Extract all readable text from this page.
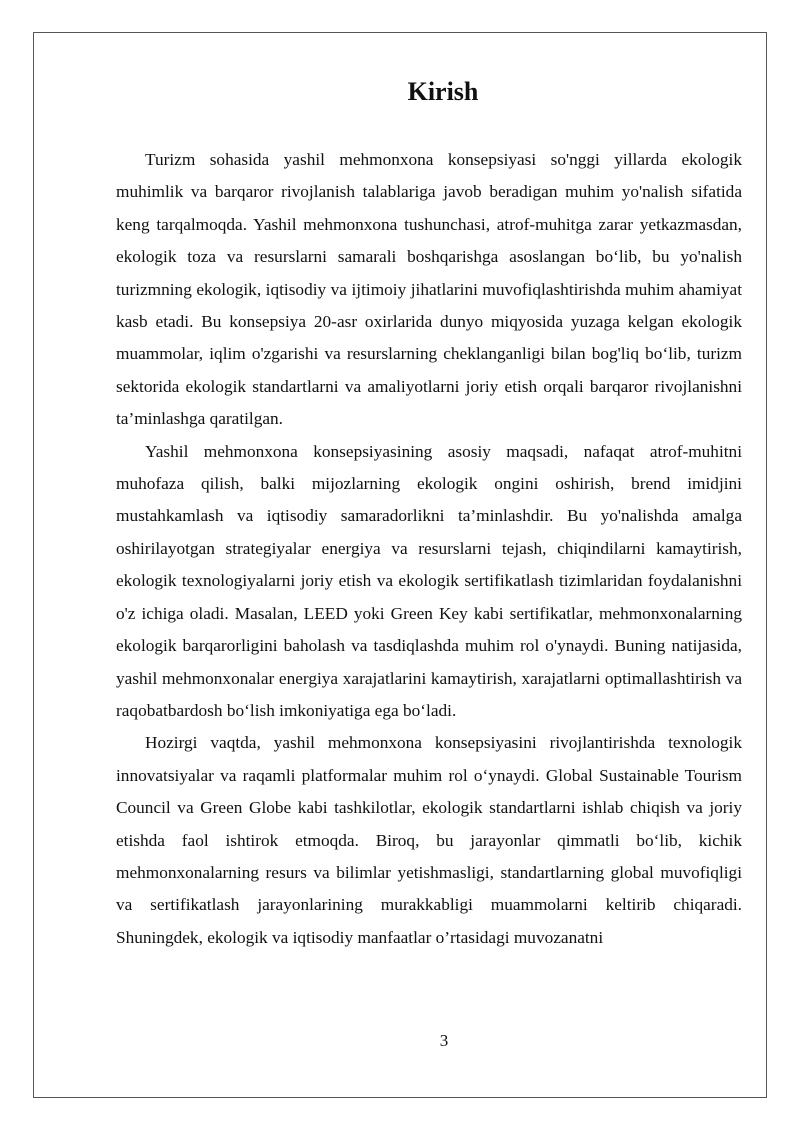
Kirish

Turizm sohasida yashil mehmonxona konsepsiyasi so'nggi yillarda ekologik muhimlik va barqaror rivojlanish talablariga javob beradigan muhim yo'nalish sifatida keng tarqalmoqda. Yashil mehmonxona tushunchasi, atrof-muhitga zarar yetkazmasdan, ekologik toza va resurslarni samarali boshqarishga asoslangan bo‘lib, bu yo'nalish turizmning ekologik, iqtisodiy va ijtimoiy jihatlarini muvofiqlashtirishda muhim ahamiyat kasb etadi. Bu konsepsiya 20-asr oxirlarida dunyo miqyosida yuzaga kelgan ekologik muammolar, iqlim o'zgarishi va resurslarning cheklanganligi bilan bog'liq bo‘lib, turizm sektorida ekologik standartlarni va amaliyotlarni joriy etish orqali barqaror rivojlanishni ta’minlashga qaratilgan.

Yashil mehmonxona konsepsiyasining asosiy maqsadi, nafaqat atrof-muhitni muhofaza qilish, balki mijozlarning ekologik ongini oshirish, brend imidjini mustahkamlash va iqtisodiy samaradorlikni ta’minlashdir. Bu yo'nalishda amalga oshirilayotgan strategiyalar energiya va resurslarni tejash, chiqindilarni kamaytirish, ekologik texnologiyalarni joriy etish va ekologik sertifikatlash tizimlaridan foydalanishni o'z ichiga oladi. Masalan, LEED yoki Green Key kabi sertifikatlar, mehmonxonalarning ekologik barqarorligini baholash va tasdiqlashda muhim rol o'ynaydi. Buning natijasida, yashil mehmonxonalar energiya xarajatlarini kamaytirish, xarajatlarni optimallashtirish va raqobatbardosh bo‘lish imkoniyatiga ega bo‘ladi.

Hozirgi vaqtda, yashil mehmonxona konsepsiyasini rivojlantirishda texnologik innovatsiyalar va raqamli platformalar muhim rol o‘ynaydi. Global Sustainable Tourism Council va Green Globe kabi tashkilotlar, ekologik standartlarni ishlab chiqish va joriy etishda faol ishtirok etmoqda. Biroq, bu jarayonlar qimmatli bo‘lib, kichik mehmonxonalarning resurs va bilimlar yetishmasligi, standartlarning global muvofiqligi va sertifikatlash jarayonlarining murakkabligi muammolarni keltirib chiqaradi. Shuningdek, ekologik va iqtisodiy manfaatlar o’rtasidagi muvozanatni

3
